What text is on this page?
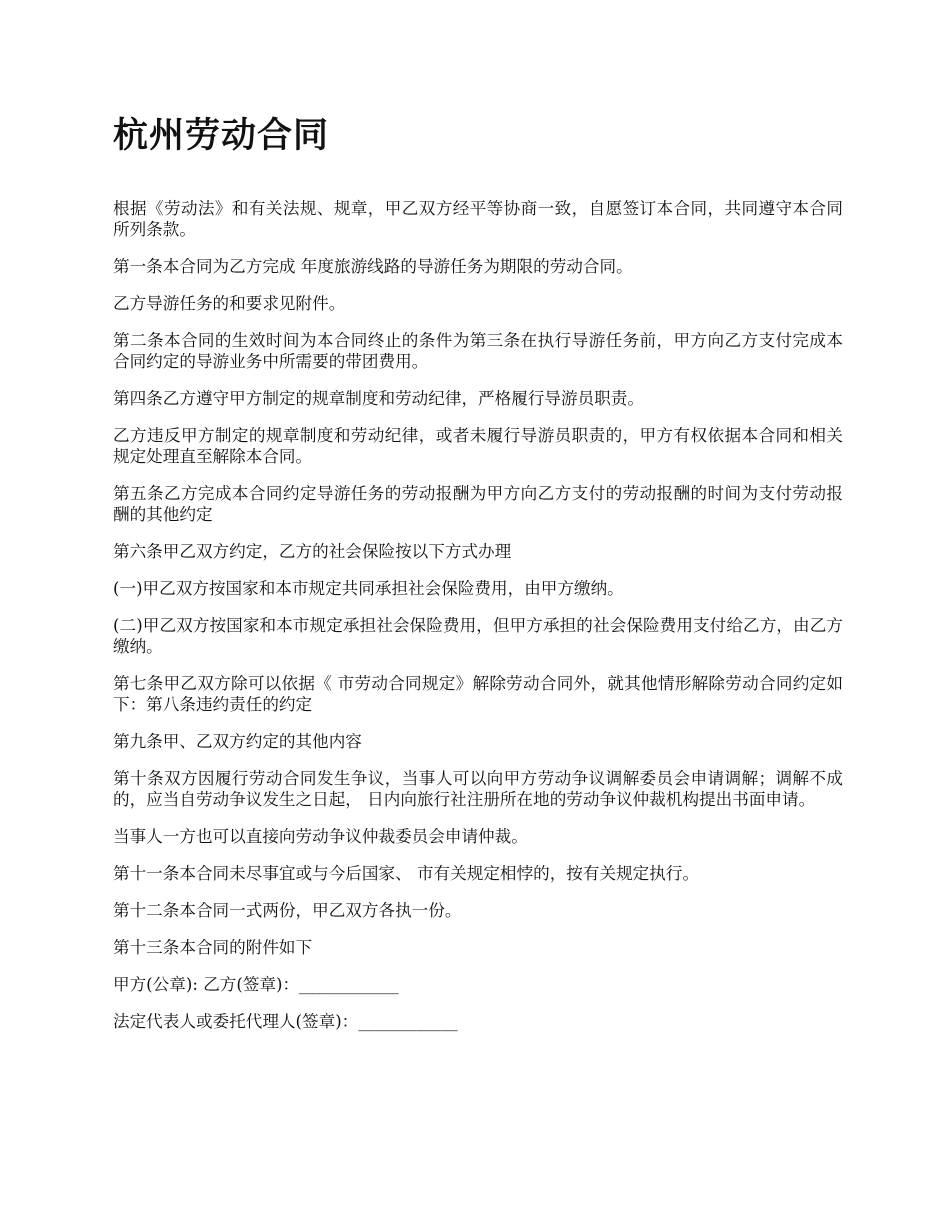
杭州劳动合同

根据《劳动法》和有关法规、规章，甲乙双方经平等协商一致，自愿签订本合同，共同遵守本合同所列条款。

第一条本合同为乙方完成 年度旅游线路的导游任务为期限的劳动合同。

乙方导游任务的和要求见附件。

第二条本合同的生效时间为本合同终止的条件为第三条在执行导游任务前，甲方向乙方支付完成本合同约定的导游业务中所需要的带团费用。

第四条乙方遵守甲方制定的规章制度和劳动纪律，严格履行导游员职责。

乙方违反甲方制定的规章制度和劳动纪律，或者未履行导游员职责的，甲方有权依据本合同和相关规定处理直至解除本合同。

第五条乙方完成本合同约定导游任务的劳动报酬为甲方向乙方支付的劳动报酬的时间为支付劳动报酬的其他约定

第六条甲乙双方约定，乙方的社会保险按以下方式办理

(一)甲乙双方按国家和本市规定共同承担社会保险费用，由甲方缴纳。

(二)甲乙双方按国家和本市规定承担社会保险费用，但甲方承担的社会保险费用支付给乙方，由乙方缴纳。

第七条甲乙双方除可以依据《 市劳动合同规定》解除劳动合同外，就其他情形解除劳动合同约定如下：第八条违约责任的约定

第九条甲、乙双方约定的其他内容

第十条双方因履行劳动合同发生争议，当事人可以向甲方劳动争议调解委员会申请调解；调解不成的，应当自劳动争议发生之日起， 日内向旅行社注册所在地的劳动争议仲裁机构提出书面申请。

当事人一方也可以直接向劳动争议仲裁委员会申请仲裁。

第十一条本合同未尽事宜或与今后国家、 市有关规定相悖的，按有关规定执行。

第十二条本合同一式两份，甲乙双方各执一份。

第十三条本合同的附件如下

甲方(公章): 乙方(签章)：____________

法定代表人或委托代理人(签章)：____________
